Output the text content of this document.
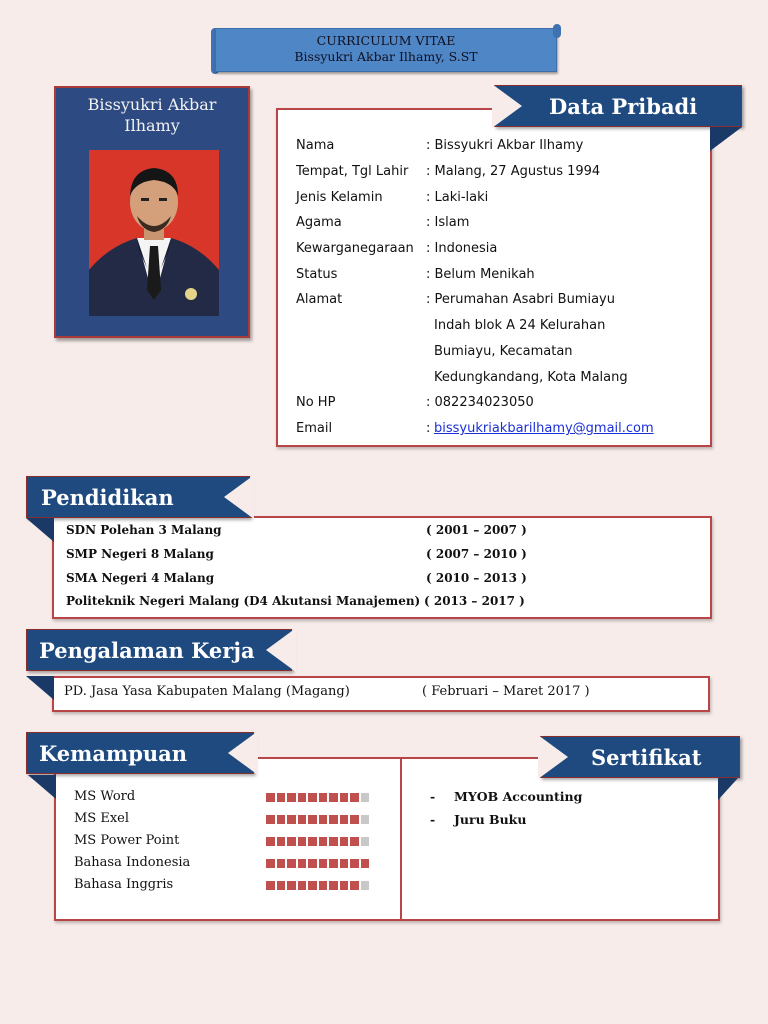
CURRICULUM VITAE
Bissyukri Akbar Ilhamy, S.ST
Bissyukri Akbar
Ilhamy
Nama	: Bissyukri Akbar Ilhamy
Tempat, Tgl Lahir : Malang, 27 Agustus 1994
Jenis Kelamin	: Laki-laki
Agama	: Islam
Kewarganegaraan : Indonesia
Status	: Belum Menikah
Alamat	: Perumahan Asabri Bumiayu
Indah blok A 24 Kelurahan
Bumiayu, Kecamatan
Kedungkandang, Kota Malang
No HP	: 082234023050
Email	: bissyukriakbarilhamy@gmail.com
Data Pribadi
SDN Polehan 3 Malang	( 2001 – 2007 )
SMP Negeri 8 Malang	( 2007 – 2010 )
SMA Negeri 4 Malang	( 2010 – 2013 )
Politeknik Negeri Malang (D4 Akutansi Manajemen) ( 2013 – 2017 )
Pendidikan
PD. Jasa Yasa Kabupaten Malang (Magang)	( Februari – Maret 2017 )
Pengalaman Kerja
MS Word
MS Exel
MS Power Point
Bahasa Indonesia
Bahasa Inggris
- MYOB Accounting
- Juru Buku
Kemampuan	Sertifikat
